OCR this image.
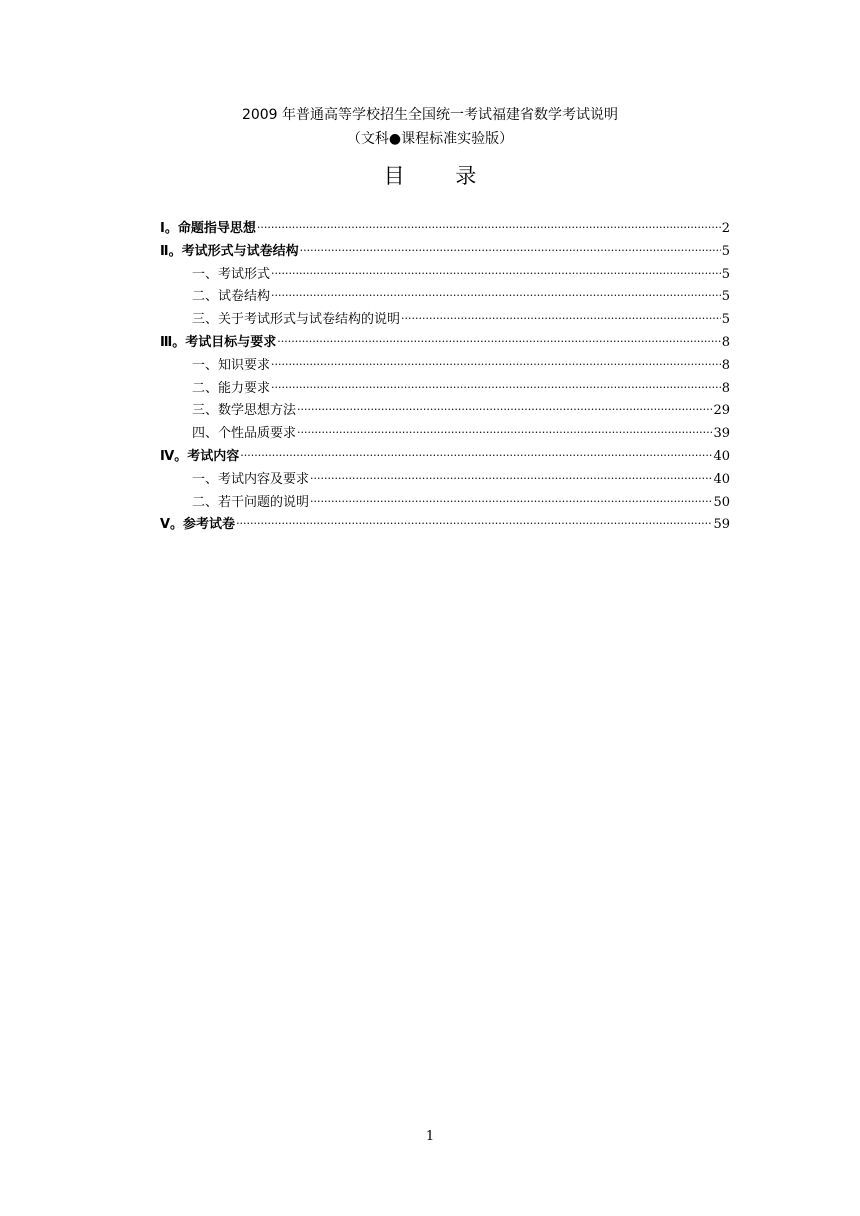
2009 年普通高等学校招生全国统一考试福建省数学考试说明
（文科●课程标准实验版）
目 录
Ⅰ。命题指导思想 ·····	2
Ⅱ。考试形式与试卷结构 ·····	5
一、考试形式 ·····	5
二、试卷结构 ·····	5
三、关于考试形式与试卷结构的说明 ·····	5
Ⅲ。考试目标与要求 ·····	8
一、知识要求 ·····	8
二、能力要求 ·····	8
三、数学思想方法 ·····	29
四、个性品质要求 ·····	39
Ⅳ。考试内容 ·····	40
一、考试内容及要求 ·····	40
二、若干问题的说明 ·····	50
Ⅴ。参考试卷 ·····	59
1
